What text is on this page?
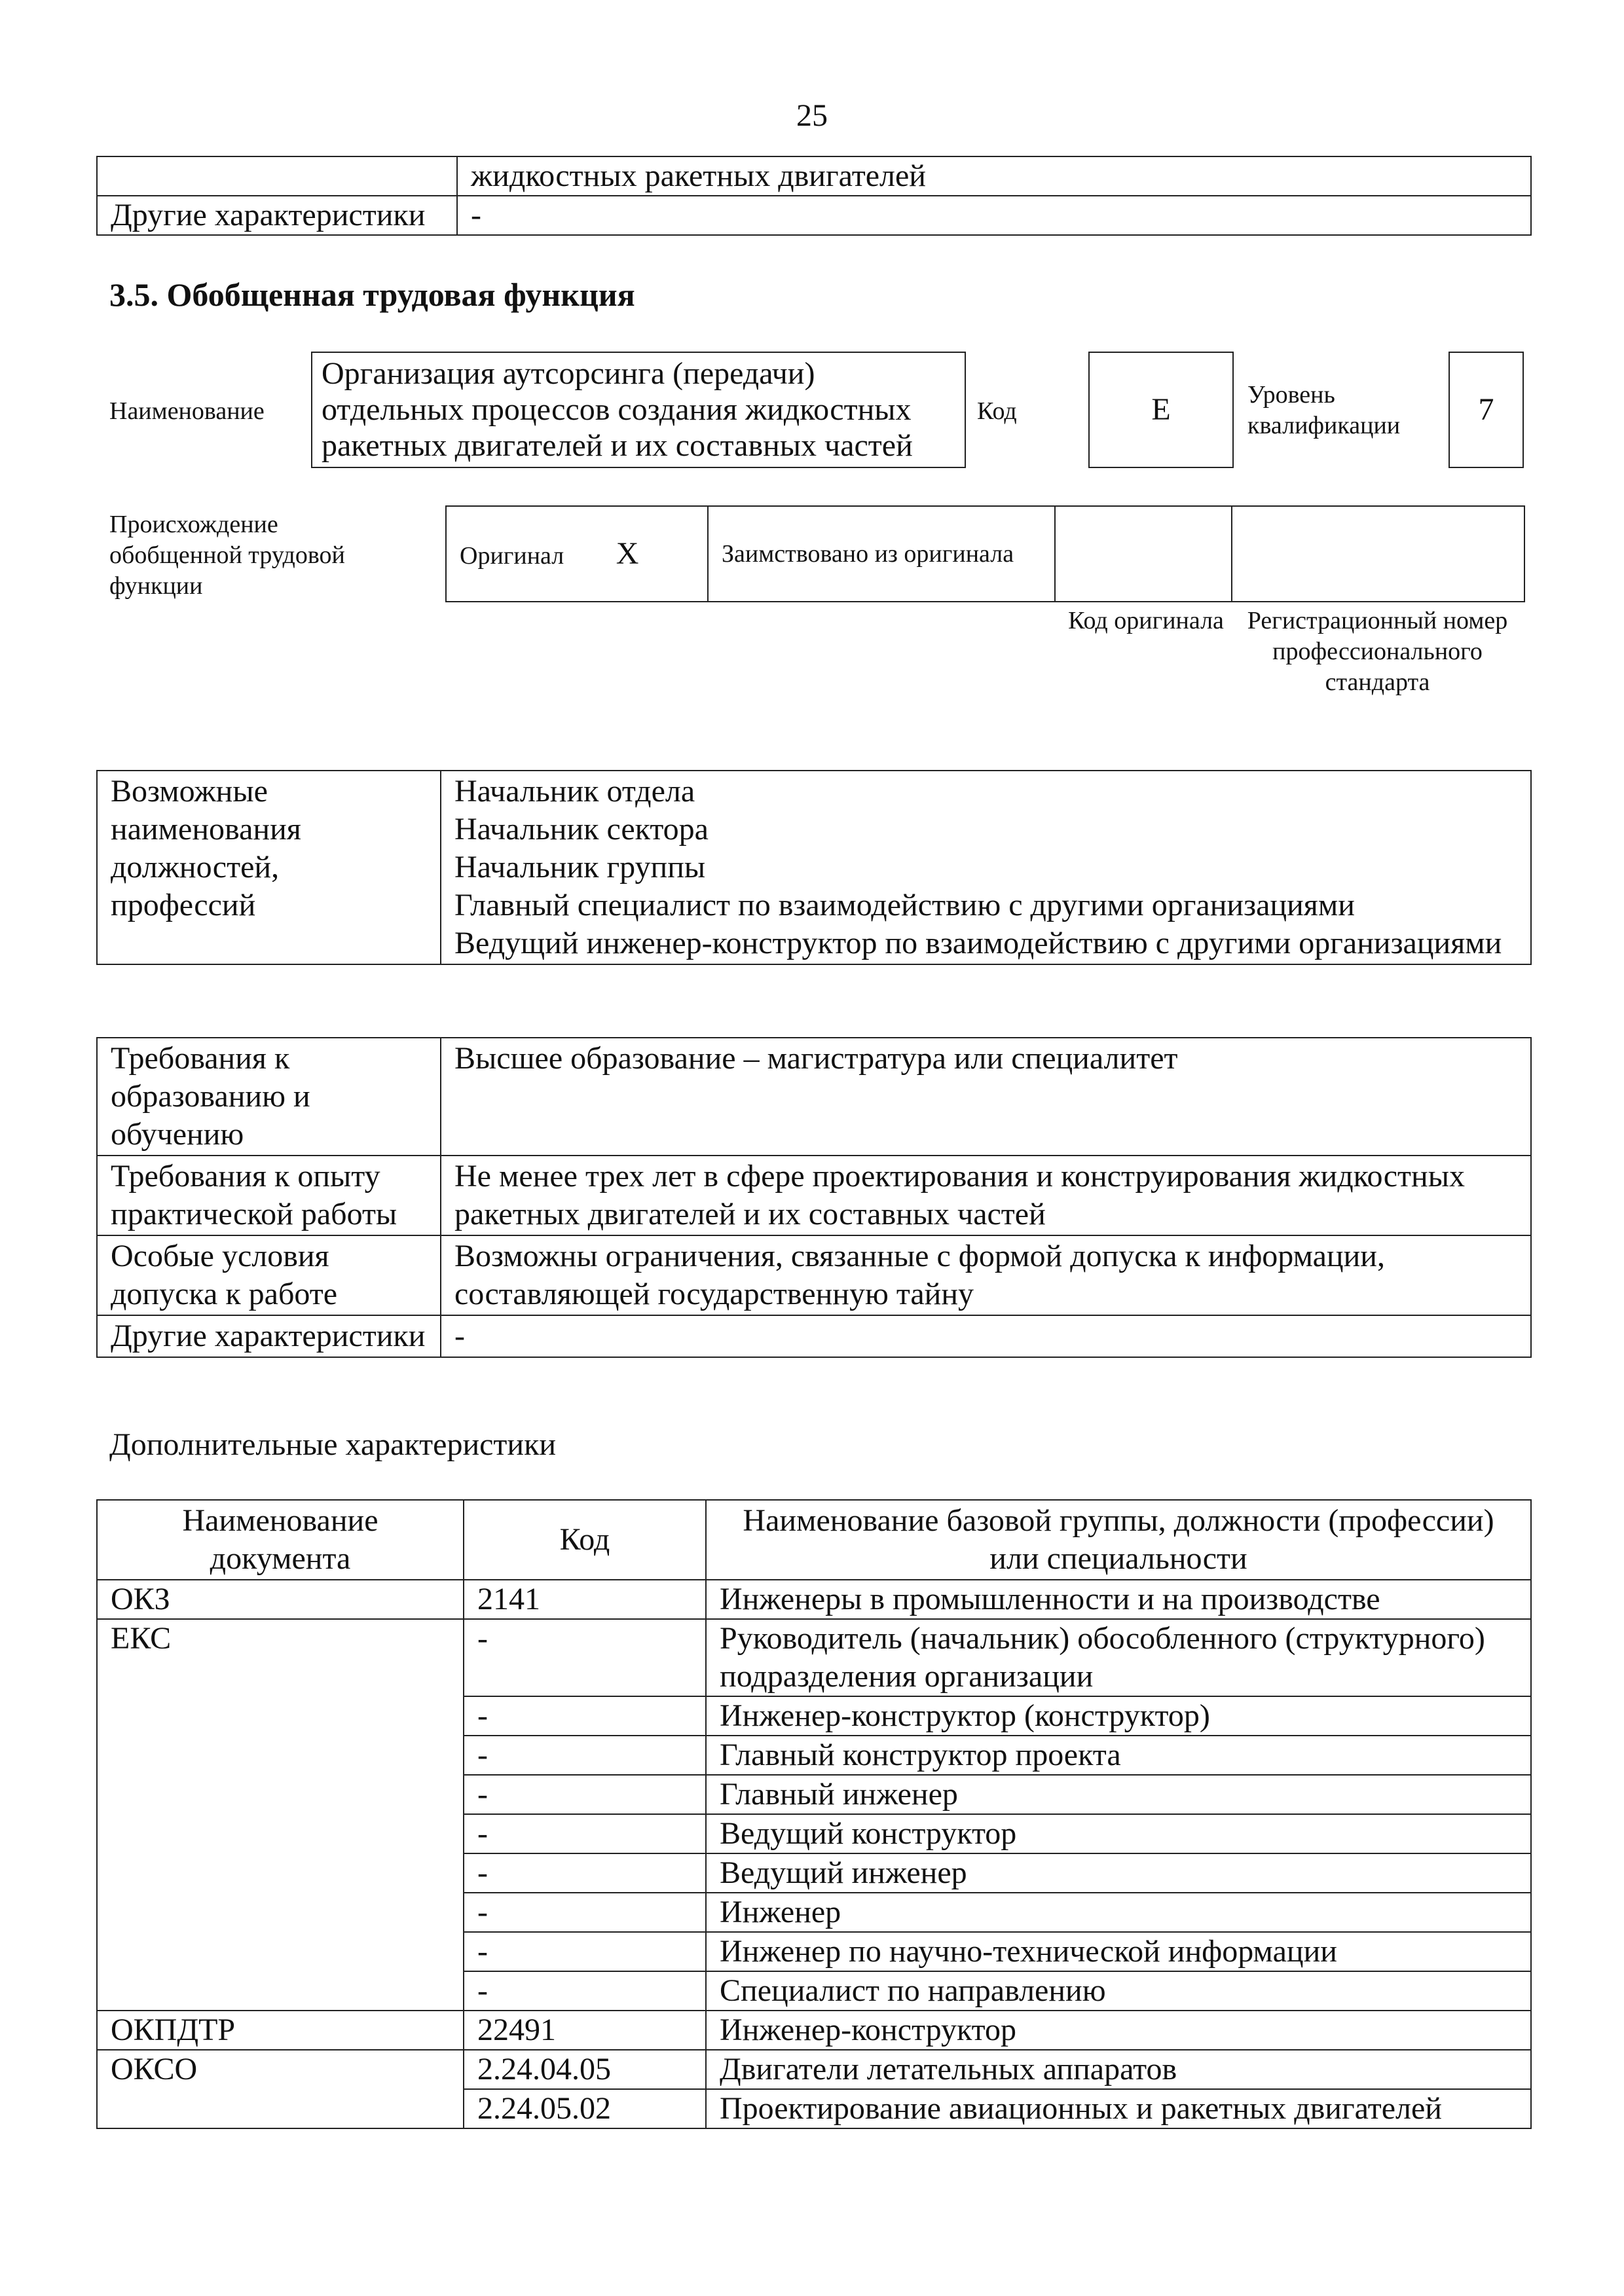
25
	жидкостных ракетных двигателей
Другие характеристики	-
3.5. Обобщенная трудовая функция
Наименование
Организация аутсорсинга (передачи) отдельных процессов создания жидкостных ракетных двигателей и их составных частей
Код	E	Уровень квалификации	7
Происхождение обобщенной трудовой функции
Оригинал X	Заимствовано из оригинала		
Код оригинала Регистрационный номер профессионального стандарта
Возможные наименования должностей, профессий	
Начальник отдела
Начальник сектора
Начальник группы
Главный специалист по взаимодействию с другими организациями
Ведущий инженер-конструктор по взаимодействию с другими организациями
Требования к образованию и обучению	Высшее образование – магистратура или специалитет
Требования к опыту практической работы	Не менее трех лет в сфере проектирования и конструирования жидкостных ракетных двигателей и их составных частей
Особые условия допуска к работе	Возможны ограничения, связанные с формой допуска к информации, составляющей государственную тайну
Другие характеристики	-
Дополнительные характеристики
Наименование документа	Код	Наименование базовой группы, должности (профессии) или специальности
ОКЗ	2141	Инженеры в промышленности и на производстве
ЕКС	-	Руководитель (начальник) обособленного (структурного) подразделения организации
	-	Инженер-конструктор (конструктор)
	-	Главный конструктор проекта
	-	Главный инженер
	-	Ведущий конструктор
	-	Ведущий инженер
	-	Инженер
	-	Инженер по научно-технической информации
	-	Специалист по направлению
ОКПДТР	22491	Инженер-конструктор
ОКСО	2.24.04.05	Двигатели летательных аппаратов
	2.24.05.02	Проектирование авиационных и ракетных двигателей
